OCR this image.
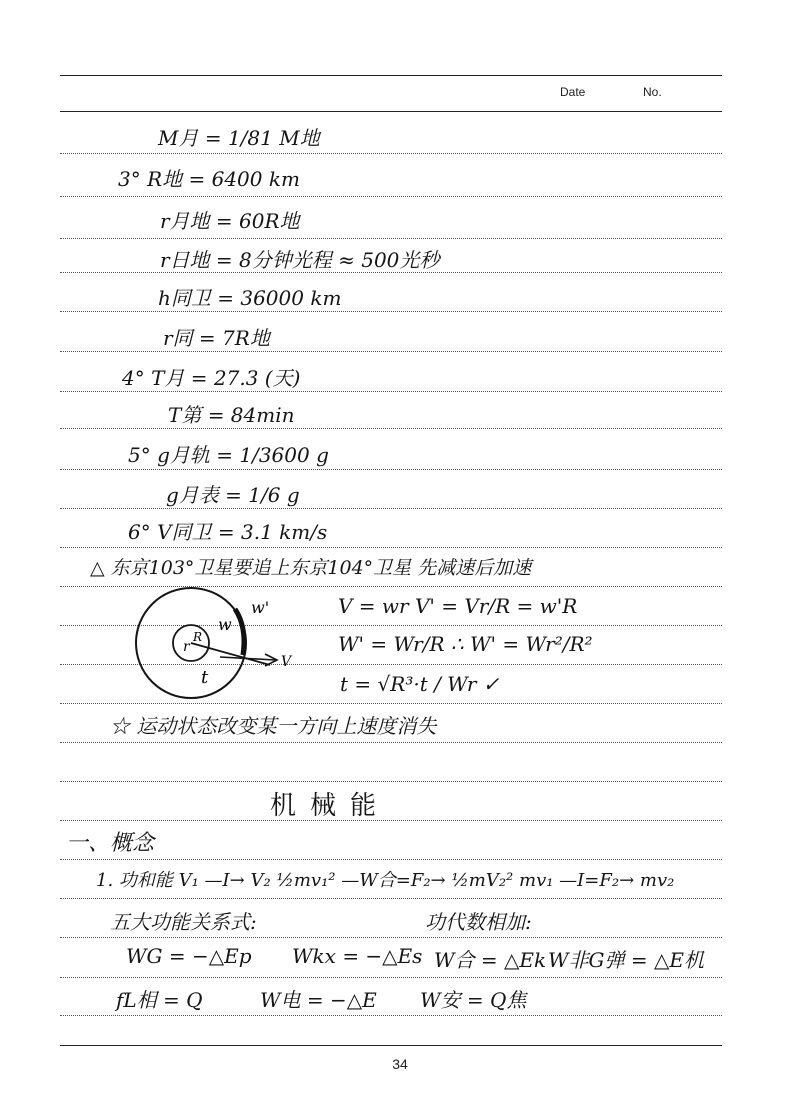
Date	No.
M月 = 1/81 M地
3° R地 = 6400 km
r月地 = 60R地
r日地 = 8分钟光程 ≈ 500光秒
h同卫 = 36000 km
r同 = 7R地
4° T月 = 27.3 (天)
T第 = 84min
5° g月轨 = 1/3600 g
g月表 = 1/6 g
6° V同卫 = 3.1 km/s
△ 东京103°卫星要追上东京104°卫星 先减速后加速
w
w'
r
V
t
R
V = wr V' = Vr/R = w'R
W' = Wr/R ∴ W' = Wr²/R²
t = √R³·t / Wr ✓
☆ 运动状态改变某一方向上速度消失
机械能
一、概念
1. 功和能 V₁ —I→ V₂ ½mv₁² —W合=F₂→ ½mV₂² mv₁ —I=F₂→ mv₂
五大功能关系式:	功代数相加:
WG = −△Ep Wkx = −△Es W合 = △Ek W非G弹 = △E机
fL相 = Q	W电 = −△E W安 = Q焦
34
